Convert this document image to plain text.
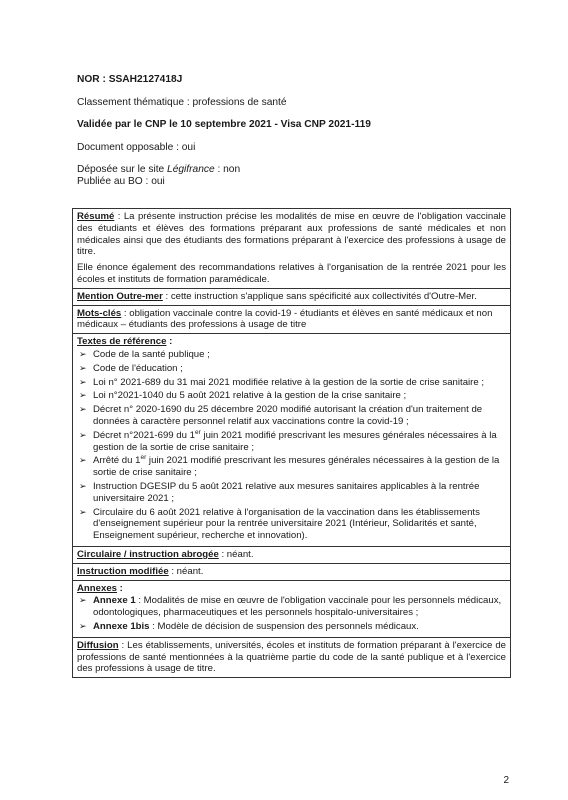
NOR : SSAH2127418J
Classement thématique : professions de santé
Validée par le CNP le 10 septembre 2021 - Visa CNP 2021-119
Document opposable : oui
Déposée sur le site Légifrance : non
Publiée au BO : oui

Résumé : La présente instruction précise les modalités de mise en œuvre de l'obligation vaccinale des étudiants et élèves des formations préparant aux professions de santé médicales et non médicales ainsi que des étudiants des formations préparant à l'exercice des professions à usage de titre.

Elle énonce également des recommandations relatives à l'organisation de la rentrée 2021 pour les écoles et instituts de formation paramédicale.

Mention Outre-mer : cette instruction s'applique sans spécificité aux collectivités d'Outre-Mer.
Mots-clés : obligation vaccinale contre la covid-19 - étudiants et élèves en santé médicaux et non médicaux – étudiants des professions à usage de titre
Textes de référence :
➢ Code de la santé publique ;
➢ Code de l'éducation ;
➢ Loi n° 2021-689 du 31 mai 2021 modifiée relative à la gestion de la sortie de crise sanitaire ;
➢ Loi n°2021-1040 du 5 août 2021 relative à la gestion de la crise sanitaire ;
➢ Décret n° 2020-1690 du 25 décembre 2020 modifié autorisant la création d'un traitement de données à caractère personnel relatif aux vaccinations contre la covid-19 ;
➢ Décret n°2021-699 du 1er juin 2021 modifié prescrivant les mesures générales nécessaires à la gestion de la sortie de crise sanitaire ;
➢ Arrêté du 1er juin 2021 modifié prescrivant les mesures générales nécessaires à la gestion de la sortie de crise sanitaire ;
➢ Instruction DGESIP du 5 août 2021 relative aux mesures sanitaires applicables à la rentrée universitaire 2021 ;
➢ Circulaire du 6 août 2021 relative à l'organisation de la vaccination dans les établissements d'enseignement supérieur pour la rentrée universitaire 2021 (Intérieur, Solidarités et santé, Enseignement supérieur, recherche et innovation).
Circulaire / instruction abrogée : néant.
Instruction modifiée : néant.
Annexes :
➢ Annexe 1 : Modalités de mise en œuvre de l'obligation vaccinale pour les personnels médicaux, odontologiques, pharmaceutiques et les personnels hospitalo-universitaires ;
➢ Annexe 1bis : Modèle de décision de suspension des personnels médicaux.
Diffusion : Les établissements, universités, écoles et instituts de formation préparant à l'exercice de professions de santé mentionnées à la quatrième partie du code de la santé publique et à l'exercice des professions à usage de titre.
2
